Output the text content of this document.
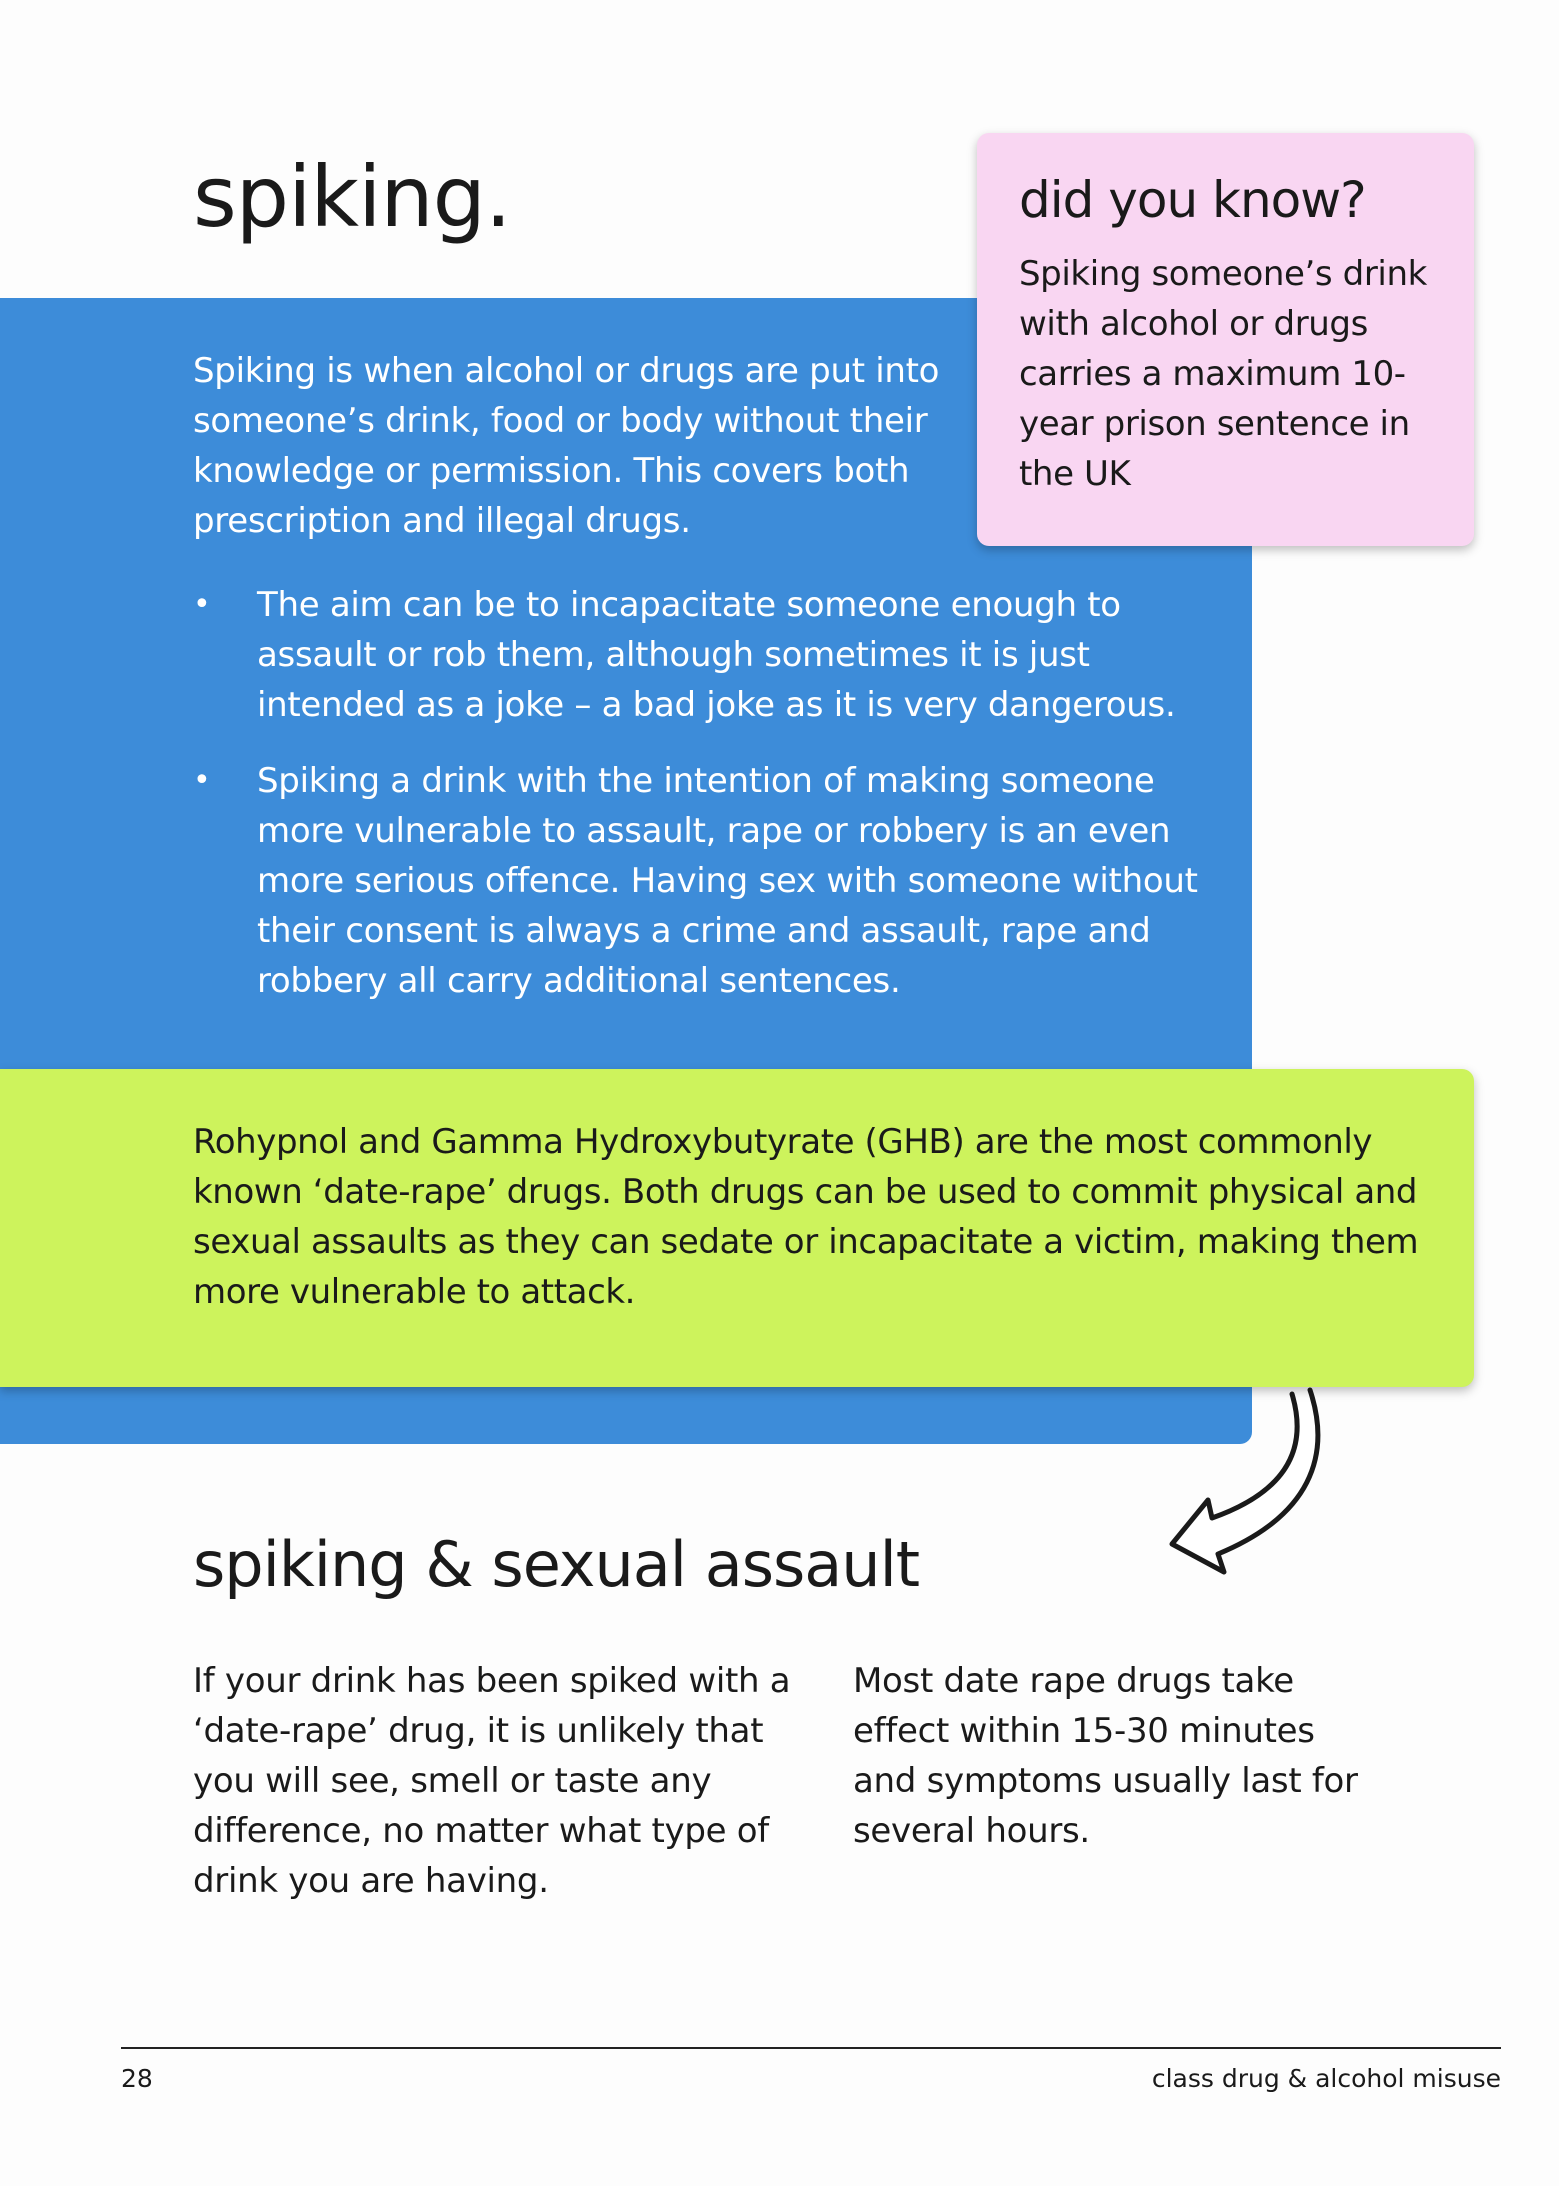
spiking.

Spiking is when alcohol or drugs are put into someone’s drink, food or body without their knowledge or permission. This covers both prescription and illegal drugs.

• The aim can be to incapacitate someone enough to assault or rob them, although sometimes it is just intended as a joke – a bad joke as it is very dangerous.
• Spiking a drink with the intention of making someone more vulnerable to assault, rape or robbery is an even more serious offence. Having sex with someone without their consent is always a crime and assault, rape and robbery all carry additional sentences.
did you know?

Spiking someone’s drink with alcohol or drugs carries a maximum 10-year prison sentence in the UK

Rohypnol and Gamma Hydroxybutyrate (GHB) are the most commonly known ‘date-rape’ drugs. Both drugs can be used to commit physical and sexual assaults as they can sedate or incapacitate a victim, making them more vulnerable to attack.

spiking & sexual assault

If your drink has been spiked with a ‘date-rape’ drug, it is unlikely that you will see, smell or taste any difference, no matter what type of drink you are having.

Most date rape drugs take effect within 15-30 minutes and symptoms usually last for several hours.

28	class drug & alcohol misuse
